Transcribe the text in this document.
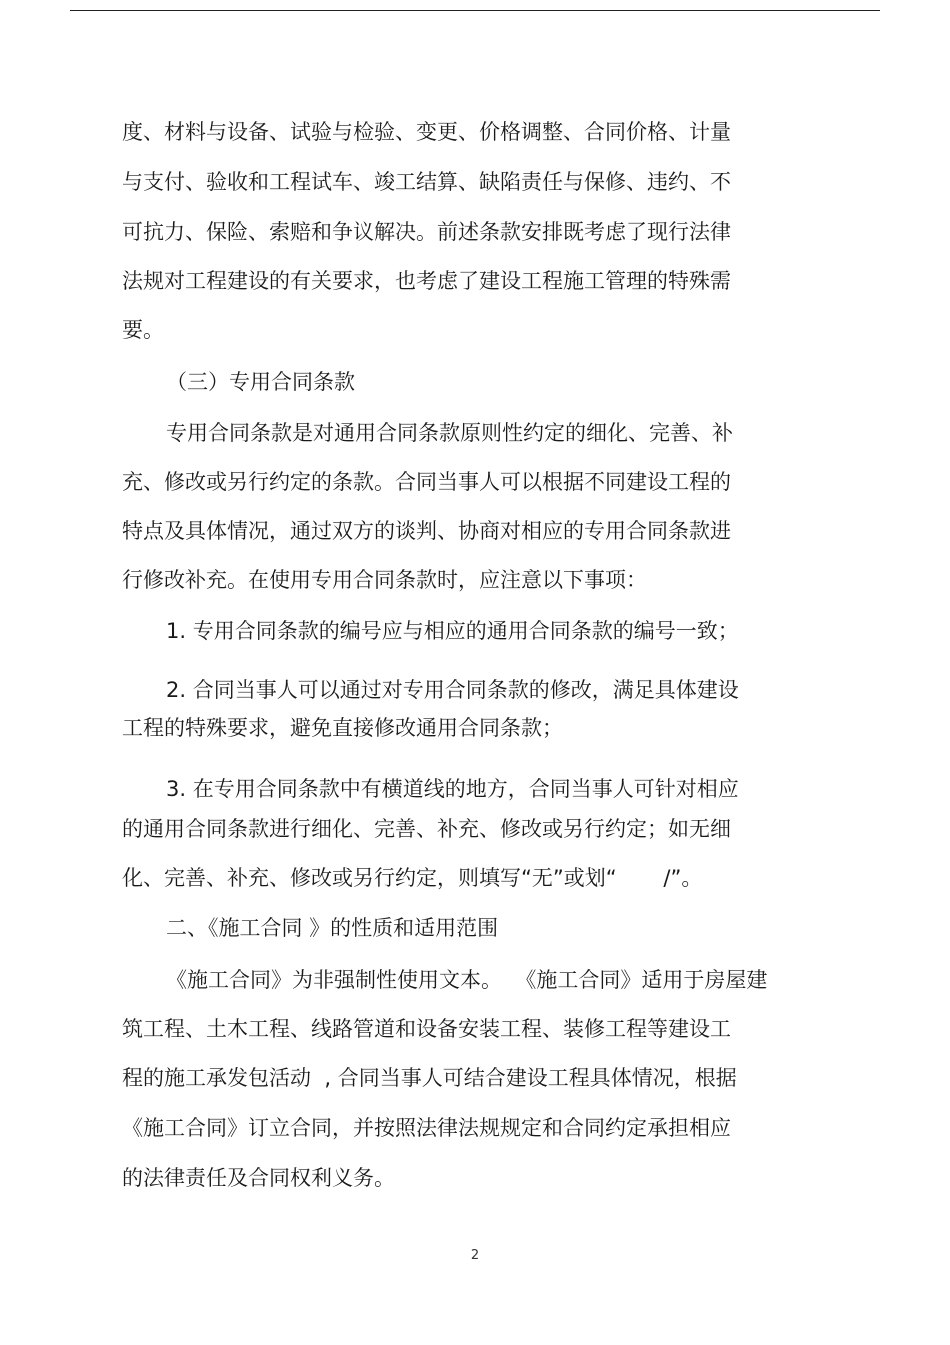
度、材料与设备、试验与检验、变更、价格调整、合同价格、计量
与支付、验收和工程试车、竣工结算、缺陷责任与保修、违约、不
可抗力、保险、索赔和争议解决。前述条款安排既考虑了现行法律
法规对工程建设的有关要求，也考虑了建设工程施工管理的特殊需
要。
（三）专用合同条款
专用合同条款是对通用合同条款原则性约定的细化、完善、补
充、修改或另行约定的条款。合同当事人可以根据不同建设工程的
特点及具体情况，通过双方的谈判、协商对相应的专用合同条款进
行修改补充。在使用专用合同条款时，应注意以下事项：
1. 专用合同条款的编号应与相应的通用合同条款的编号一致；
2. 合同当事人可以通过对专用合同条款的修改，满足具体建设
工程的特殊要求，避免直接修改通用合同条款；
3. 在专用合同条款中有横道线的地方，合同当事人可针对相应
的通用合同条款进行细化、完善、补充、修改或另行约定；如无细
化、完善、补充、修改或另行约定，则填写“无”或划“       /”。
二、《施工合同 》的性质和适用范围
《施工合同》为非强制性使用文本。  《施工合同》适用于房屋建
筑工程、土木工程、线路管道和设备安装工程、装修工程等建设工
程的施工承发包活动  , 合同当事人可结合建设工程具体情况，根据
《施工合同》订立合同，并按照法律法规规定和合同约定承担相应
的法律责任及合同权利义务。
2
